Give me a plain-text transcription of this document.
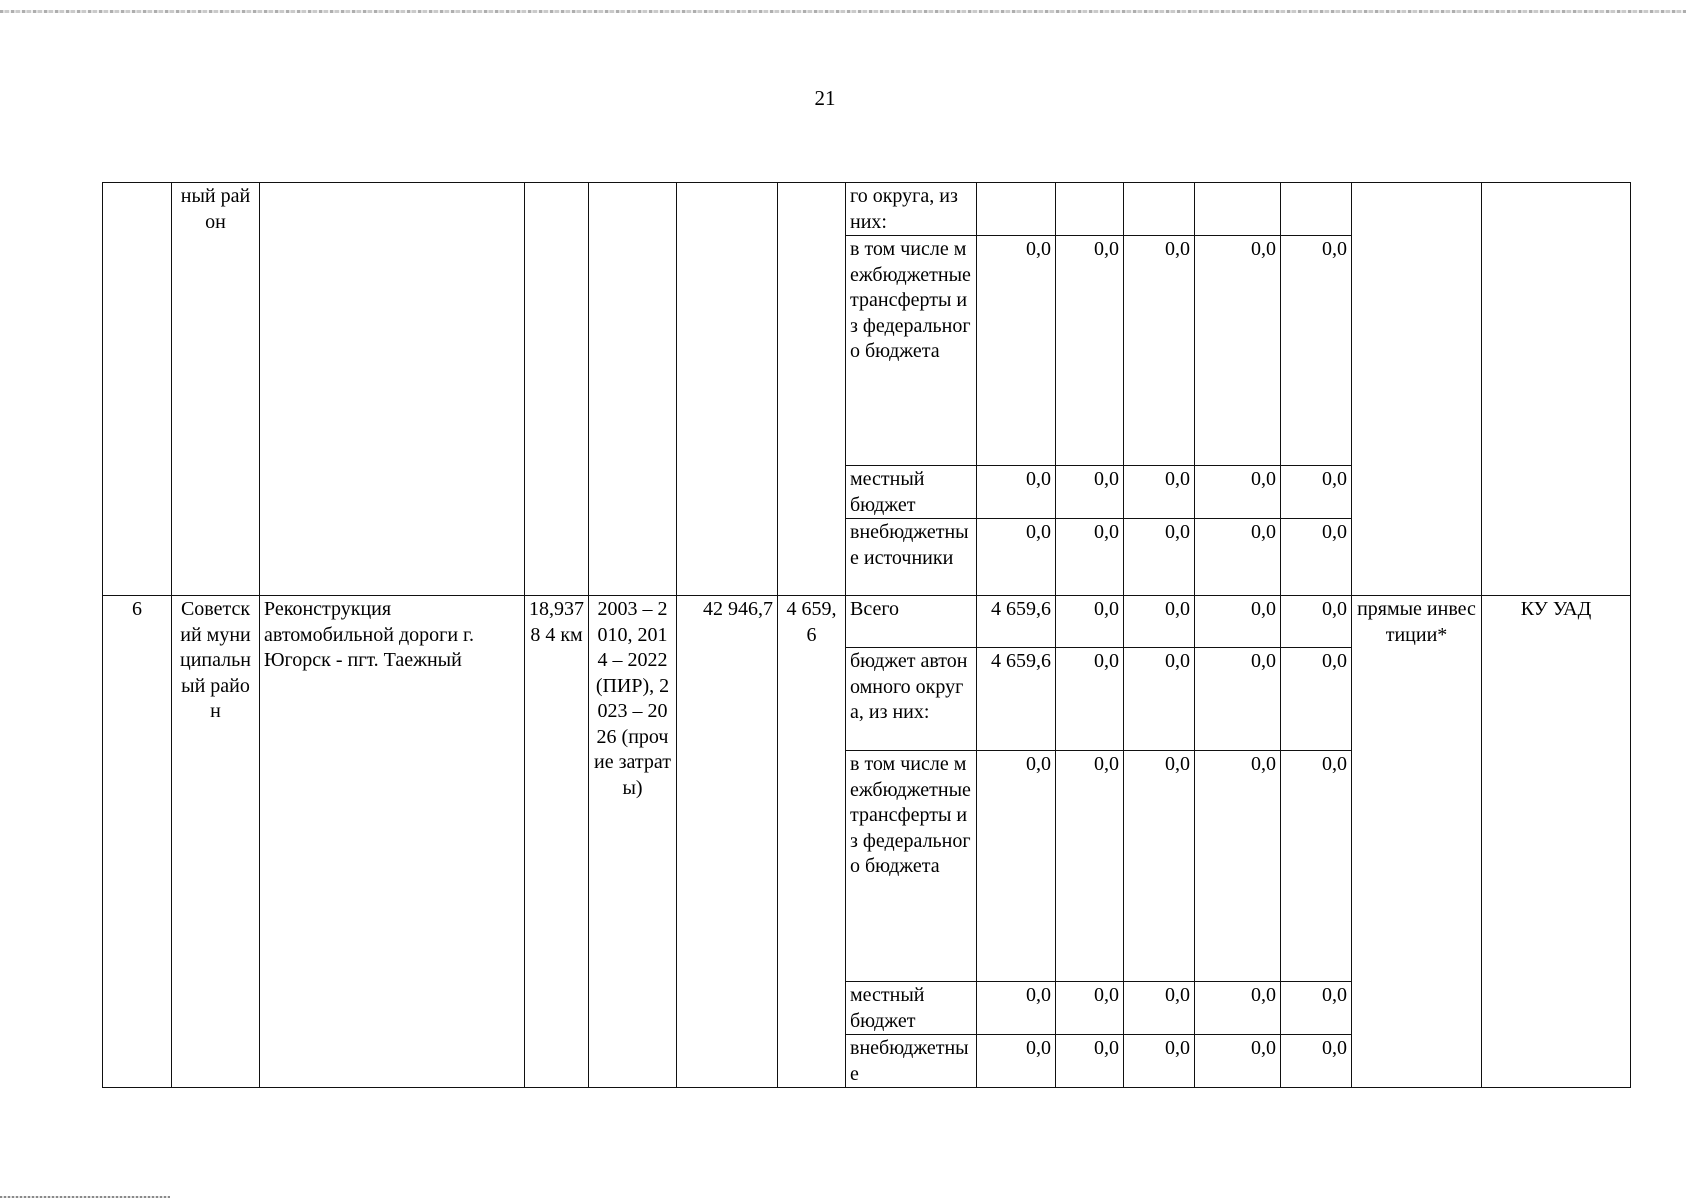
21
	ный район						го округа, из них:							
							в том числе межбюджетные трансферты из федерального бюджета	0,0	0,0	0,0	0,0	0,0		
							местный бюджет	0,0	0,0	0,0	0,0	0,0		
							внебюджетные источники	0,0	0,0	0,0	0,0	0,0		
6	Советский муниципальный район	Реконструкция автомобильной дороги г. Югорск - пгт. Таежный	18,9378 4 км	2003 – 2010, 2014 – 2022 (ПИР), 2023 – 2026 (прочие затраты)	42 946,7	4 659, 6	Всего	4 659,6	0,0	0,0	0,0	0,0	прямые инвестиции*	КУ УАД
							бюджет автономного округа, из них:	4 659,6	0,0	0,0	0,0	0,0		
							в том числе межбюджетные трансферты из федерального бюджета	0,0	0,0	0,0	0,0	0,0		
							местный бюджет	0,0	0,0	0,0	0,0	0,0		
							внебюджетные	0,0	0,0	0,0	0,0	0,0		
